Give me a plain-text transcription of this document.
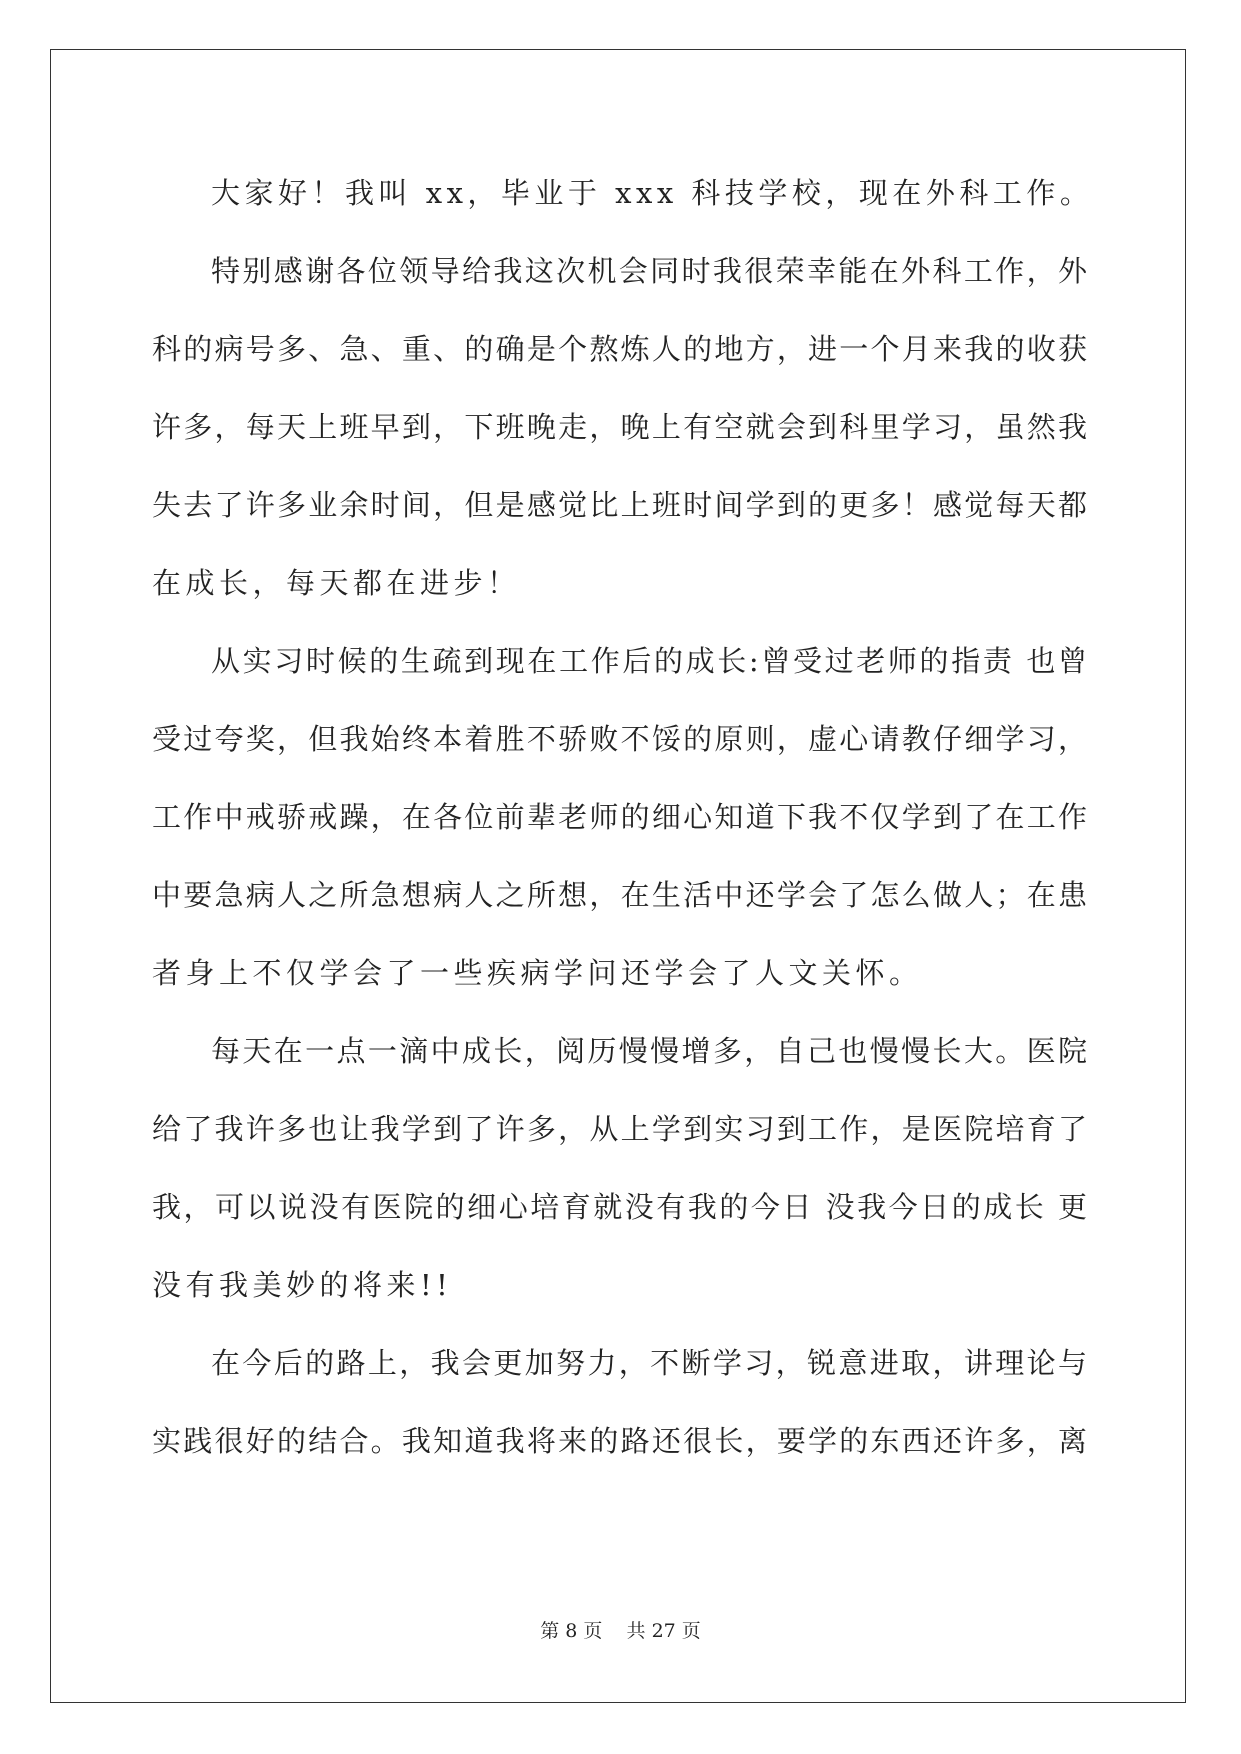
大家好！我叫 xx，毕业于 xxx 科技学校，现在外科工作。
特别感谢各位领导给我这次机会同时我很荣幸能在外科工作，外
科的病号多、急、重、的确是个熬炼人的地方，进一个月来我的收获
许多，每天上班早到，下班晚走，晚上有空就会到科里学习，虽然我
失去了许多业余时间，但是感觉比上班时间学到的更多！感觉每天都
在成长，每天都在进步！
从实习时候的生疏到现在工作后的成长:曾受过老师的指责 也曾
受过夸奖，但我始终本着胜不骄败不馁的原则，虚心请教仔细学习，
工作中戒骄戒躁，在各位前辈老师的细心知道下我不仅学到了在工作
中要急病人之所急想病人之所想，在生活中还学会了怎么做人；在患
者身上不仅学会了一些疾病学问还学会了人文关怀。
每天在一点一滴中成长，阅历慢慢增多，自己也慢慢长大。医院
给了我许多也让我学到了许多，从上学到实习到工作，是医院培育了
我，可以说没有医院的细心培育就没有我的今日 没我今日的成长 更
没有我美妙的将来!!
在今后的路上，我会更加努力，不断学习，锐意进取，讲理论与
实践很好的结合。我知道我将来的路还很长，要学的东西还许多，离
第 8 页 共 27 页
